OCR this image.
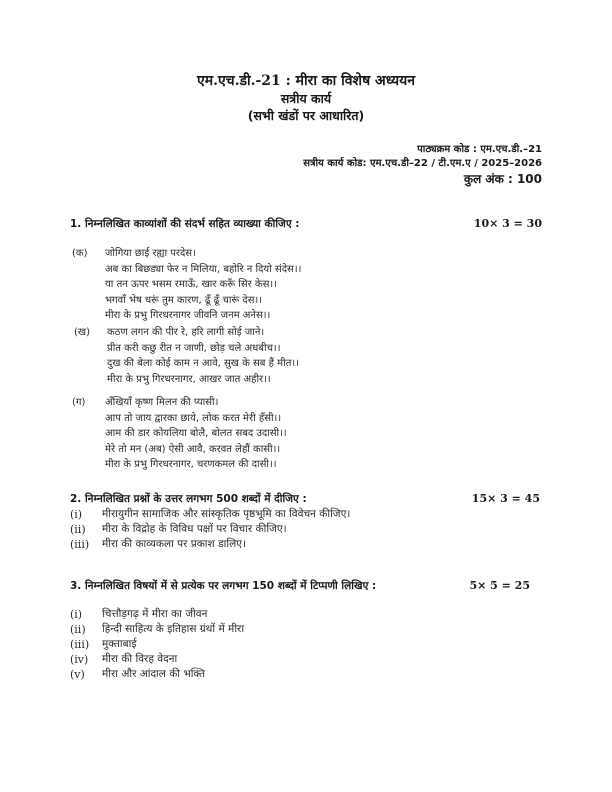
एम.एच.डी.-21 : मीरा का विशेष अध्ययन
सत्रीय कार्य
(सभी खंडों पर आधारित)
पाठ्यक्रम कोड : एम.एच.डी.–21
सत्रीय कार्य कोड: एम.एच.डी–22 / टी.एम.ए / 2025–2026
कुल अंक : 100
1. निम्नलिखित काव्यांशों की संदर्भ सहित व्याख्या कीजिए :	10× 3 = 30
(क)	जोगिया छाई रह्या परदेस।
अब का बिछड्या फेर न मिलिया, बहोरि न दियो संदेस।।
या तन ऊपर भसम रमाऊँ, खार करूँ सिर केस।।
भगवाँ भेष धरूं तुम कारण, ढूँ ढूँ चारूं देस।।
मीरा के प्रभु गिरधरनागर जीवनि जनम अनेस।।
(ख)	कठण लगन की पीर रे, हरि लागी सोई जाने।
प्रीत करी कछु रीत न जाणी, छोड़ चले अधबीच।।
दुख की बेला कोई काम न आवे, सुख के सब हैं मीत।।
मीरा के प्रभु गिरधरनागर, आखर जात अहीर।।
(ग)	अँखियाँ कृष्ण मिलन की प्यासी।
आप तो जाय द्वारका छाये, लोक करत मेरी हँसी।।
आम की डार कोयलिया बोलै, बोलत सबद उदासी।।
मेरे तो मन (अब) ऐसी आवै, करवत लेहौं कासी।।
मीरा के प्रभु गिरधरनागर, चरणकमल की दासी।।
2. निम्नलिखित प्रश्नों के उत्तर लगभग 500 शब्दों में दीजिए :	15× 3 = 45
(i)	मीरायुगीन सामाजिक और सांस्कृतिक पृष्ठभूमि का विवेचन कीजिए।
(ii)	मीरा के विद्रोह के विविध पक्षों पर विचार कीजिए।
(iii)	मीरा की काव्यकला पर प्रकाश डालिए।
3. निम्नलिखित विषयों में से प्रत्येक पर लगभग 150 शब्दों में टिप्पणी लिखिए :	5× 5 = 25
(i)	चित्तौड़गढ़ में मीरा का जीवन
(ii)	हिन्दी साहित्य के इतिहास ग्रंथों में मीरा
(iii)	मुक्ताबाई
(iv)	मीरा की विरह वेदना
(v)	मीरा और आंदाल की भक्ति
